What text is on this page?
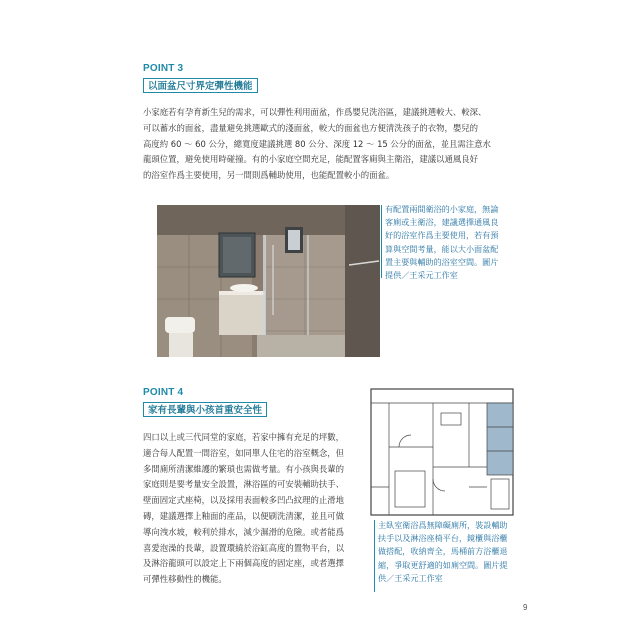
POINT 3
以面盆尺寸界定彈性機能

小家庭若有孕育新生兒的需求，可以彈性利用面盆，作爲嬰兒洗浴區，建議挑選較大、較深、
可以蓄水的面盆，盡量避免挑選歐式的淺面盆，較大的面盆也方便清洗孩子的衣物，嬰兒的
高度約 60 ～ 60 公分，總寬度建議挑選 80 公分、深度 12 ～ 15 公分的面盆，並且需注意水
龍頭位置，避免使用時碰撞。有的小家庭空間充足，能配置客廁與主衛浴，建議以通風良好
的浴室作爲主要使用，另一間則爲輔助使用，也能配置較小的面盆。

有配置兩間衛浴的小家庭，無論
客廁或主衛浴，建議選擇通風良
好的浴室作爲主要使用，若有預
算與空間考量，能以大小面盆配
置主要與輔助的浴室空間。圖片
提供／王采元工作室

POINT 4
家有長輩與小孩首重安全性

四口以上或三代同堂的家庭，若家中擁有充足的坪數，
適合每人配置一間浴室，如同單人住宅的浴室概念，但
多間廁所清潔維護的繁瑣也需做考量。有小孩與長輩的
家庭則是要考量安全設置，淋浴區的可安裝輔助扶手、
壁面固定式座椅，以及採用表面較多凹凸紋理的止滑地
磚，建議選擇上釉面的產品，以便刷洗清潔，並且可做
導向洩水坡，較利於排水，減少濕滑的危險。或者能爲
喜愛泡澡的長輩，設置環繞於浴缸高度的置物平台，以
及淋浴龍頭可以設定上下兩個高度的固定座，或者選擇
可彈性移動性的機能。

主臥室衛浴爲無障礙廁所，裝設輔助
扶手以及淋浴座椅平台，鏡櫃與浴櫃
做搭配，收納齊全，馬桶前方浴櫃退
縮，爭取更舒適的如廁空間。圖片提
供／王采元工作室

9
